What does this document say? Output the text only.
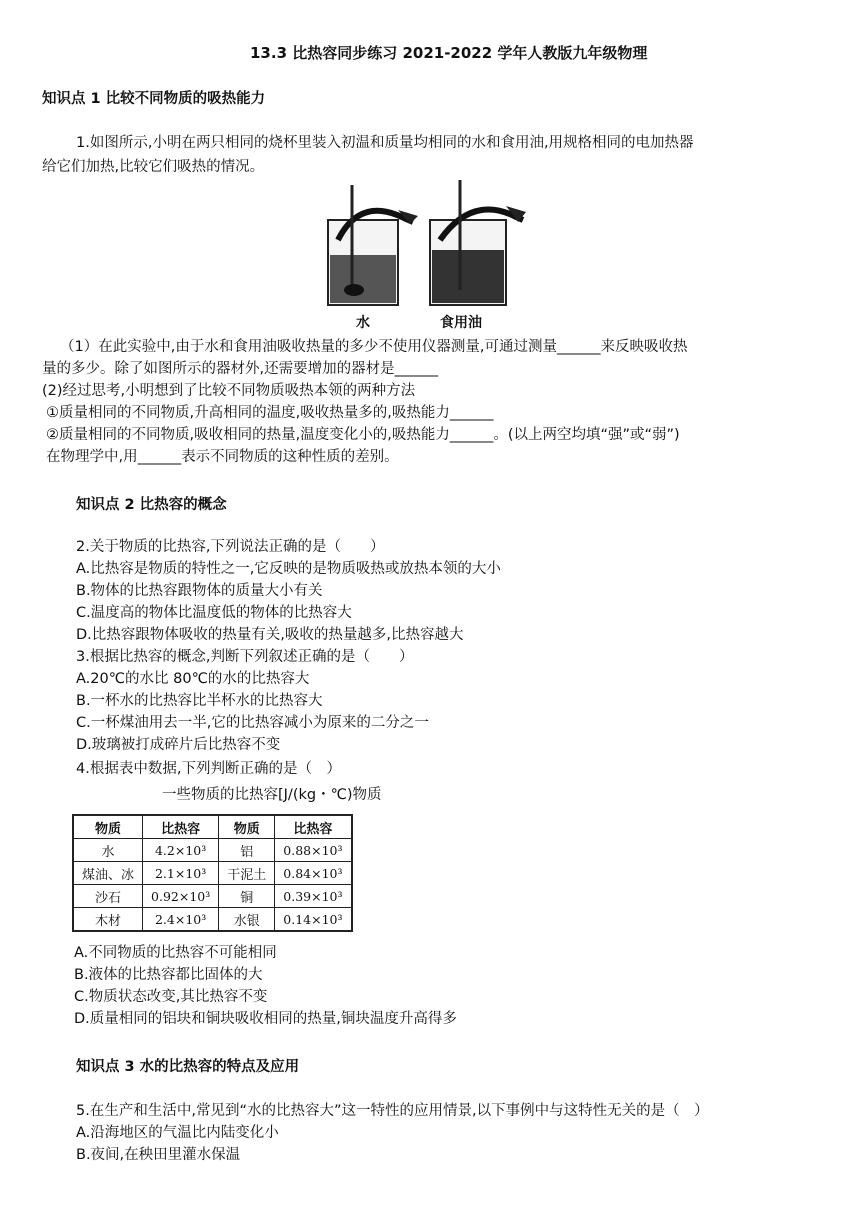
13.3 比热容同步练习 2021-2022 学年人教版九年级物理
知识点 1 比较不同物质的吸热能力
1.如图所示,小明在两只相同的烧杯里装入初温和质量均相同的水和食用油,用规格相同的电加热器
给它们加热,比较它们吸热的情况。
水	食用油
（1）在此实验中,由于水和食用油吸收热量的多少不使用仪器测量,可通过测量______来反映吸收热
量的多少。除了如图所示的器材外,还需要增加的器材是______
(2)经过思考,小明想到了比较不同物质吸热本领的两种方法
①质量相同的不同物质,升高相同的温度,吸收热量多的,吸热能力______
②质量相同的不同物质,吸收相同的热量,温度变化小的,吸热能力______。(以上两空均填“强”或“弱”)
在物理学中,用______表示不同物质的这种性质的差别。
知识点 2 比热容的概念
2.关于物质的比热容,下列说法正确的是（　　）
A.比热容是物质的特性之一,它反映的是物质吸热或放热本领的大小
B.物体的比热容跟物体的质量大小有关
C.温度高的物体比温度低的物体的比热容大
D.比热容跟物体吸收的热量有关,吸收的热量越多,比热容越大
3.根据比热容的概念,判断下列叙述正确的是（　　）
A.20℃的水比 80℃的水的比热容大
B.一杯水的比热容比半杯水的比热容大
C.一杯煤油用去一半,它的比热容减小为原来的二分之一
D.玻璃被打成碎片后比热容不变
4.根据表中数据,下列判断正确的是（　）
一些物质的比热容[J/(kg・℃)物质
物质	比热容	物质	比热容
水	4.2×10³	铝	0.88×10³
煤油、冰	2.1×10³	干泥土	0.84×10³
沙石	0.92×10³	铜	0.39×10³
木材	2.4×10³	水银	0.14×10³
A.不同物质的比热容不可能相同
B.液体的比热容都比固体的大
C.物质状态改变,其比热容不变
D.质量相同的铝块和铜块吸收相同的热量,铜块温度升高得多
知识点 3 水的比热容的特点及应用
5.在生产和生活中,常见到“水的比热容大”这一特性的应用情景,以下事例中与这特性无关的是（　）
A.沿海地区的气温比内陆变化小
B.夜间,在秧田里灌水保温
